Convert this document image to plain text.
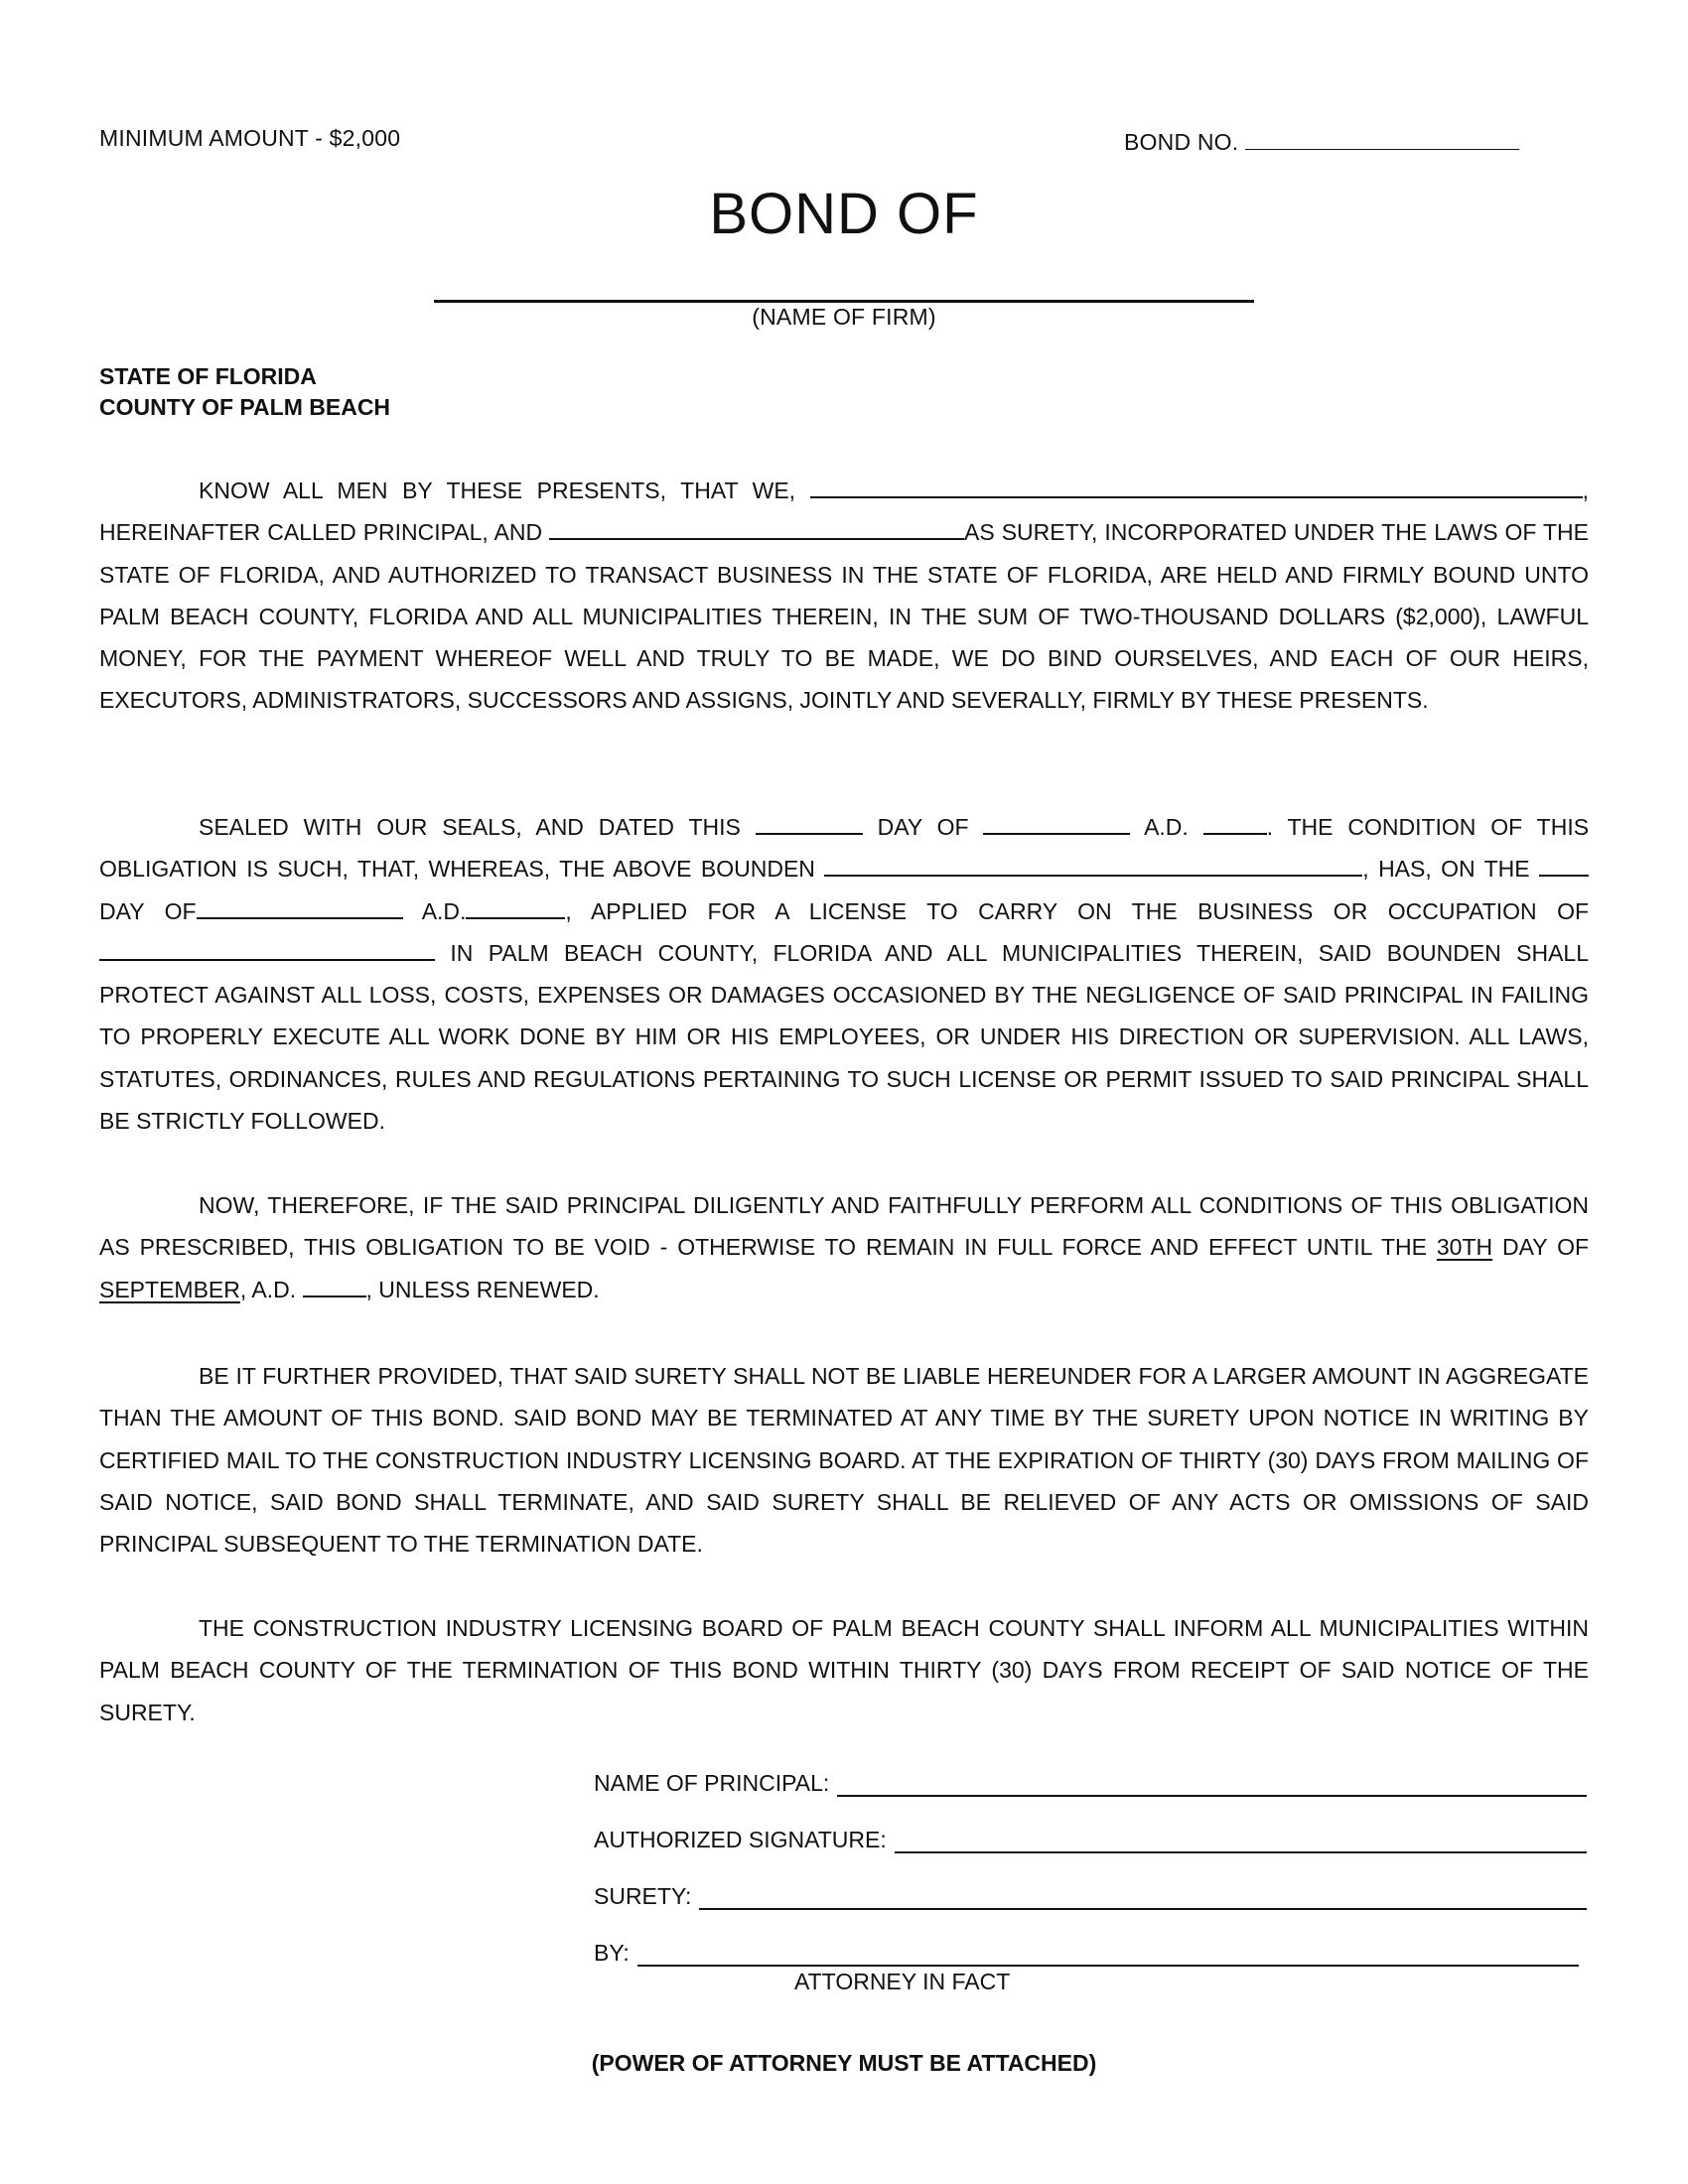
MINIMUM AMOUNT - $2,000	BOND NO.
BOND OF
(NAME OF FIRM)
STATE OF FLORIDA
COUNTY OF PALM BEACH
KNOW ALL MEN BY THESE PRESENTS, THAT WE,	, HEREINAFTER CALLED PRINCIPAL, AND	AS SURETY, INCORPORATED UNDER THE LAWS OF THE STATE OF FLORIDA, AND AUTHORIZED TO TRANSACT BUSINESS IN THE STATE OF FLORIDA, ARE HELD AND FIRMLY BOUND UNTO PALM BEACH COUNTY, FLORIDA AND ALL MUNICIPALITIES THEREIN, IN THE SUM OF TWO-THOUSAND DOLLARS ($2,000), LAWFUL MONEY, FOR THE PAYMENT WHEREOF WELL AND TRULY TO BE MADE, WE DO BIND OURSELVES, AND EACH OF OUR HEIRS, EXECUTORS, ADMINISTRATORS, SUCCESSORS AND ASSIGNS, JOINTLY AND SEVERALLY, FIRMLY BY THESE PRESENTS.
SEALED WITH OUR SEALS, AND DATED THIS	DAY OF	A.D.	. THE CONDITION OF THIS OBLIGATION IS SUCH, THAT, WHEREAS, THE ABOVE BOUNDEN	, HAS, ON THE  DAY OF	A.D.	, APPLIED FOR A LICENSE TO CARRY ON THE BUSINESS OR OCCUPATION OF  IN PALM BEACH COUNTY, FLORIDA AND ALL MUNICIPALITIES THEREIN, SAID BOUNDEN SHALL PROTECT AGAINST ALL LOSS, COSTS, EXPENSES OR DAMAGES OCCASIONED BY THE NEGLIGENCE OF SAID PRINCIPAL IN FAILING TO PROPERLY EXECUTE ALL WORK DONE BY HIM OR HIS EMPLOYEES, OR UNDER HIS DIRECTION OR SUPERVISION. ALL LAWS, STATUTES, ORDINANCES, RULES AND REGULATIONS PERTAINING TO SUCH LICENSE OR PERMIT ISSUED TO SAID PRINCIPAL SHALL BE STRICTLY FOLLOWED.
NOW, THEREFORE, IF THE SAID PRINCIPAL DILIGENTLY AND FAITHFULLY PERFORM ALL CONDITIONS OF THIS OBLIGATION AS PRESCRIBED, THIS OBLIGATION TO BE VOID - OTHERWISE TO REMAIN IN FULL FORCE AND EFFECT UNTIL THE 30TH DAY OF SEPTEMBER, A.D.	, UNLESS RENEWED.
BE IT FURTHER PROVIDED, THAT SAID SURETY SHALL NOT BE LIABLE HEREUNDER FOR A LARGER AMOUNT IN AGGREGATE THAN THE AMOUNT OF THIS BOND. SAID BOND MAY BE TERMINATED AT ANY TIME BY THE SURETY UPON NOTICE IN WRITING BY CERTIFIED MAIL TO THE CONSTRUCTION INDUSTRY LICENSING BOARD. AT THE EXPIRATION OF THIRTY (30) DAYS FROM MAILING OF SAID NOTICE, SAID BOND SHALL TERMINATE, AND SAID SURETY SHALL BE RELIEVED OF ANY ACTS OR OMISSIONS OF SAID PRINCIPAL SUBSEQUENT TO THE TERMINATION DATE.
THE CONSTRUCTION INDUSTRY LICENSING BOARD OF PALM BEACH COUNTY SHALL INFORM ALL MUNICIPALITIES WITHIN PALM BEACH COUNTY OF THE TERMINATION OF THIS BOND WITHIN THIRTY (30) DAYS FROM RECEIPT OF SAID NOTICE OF THE SURETY.
NAME OF PRINCIPAL:
AUTHORIZED SIGNATURE:
SURETY:
BY:
ATTORNEY IN FACT
(POWER OF ATTORNEY MUST BE ATTACHED)
